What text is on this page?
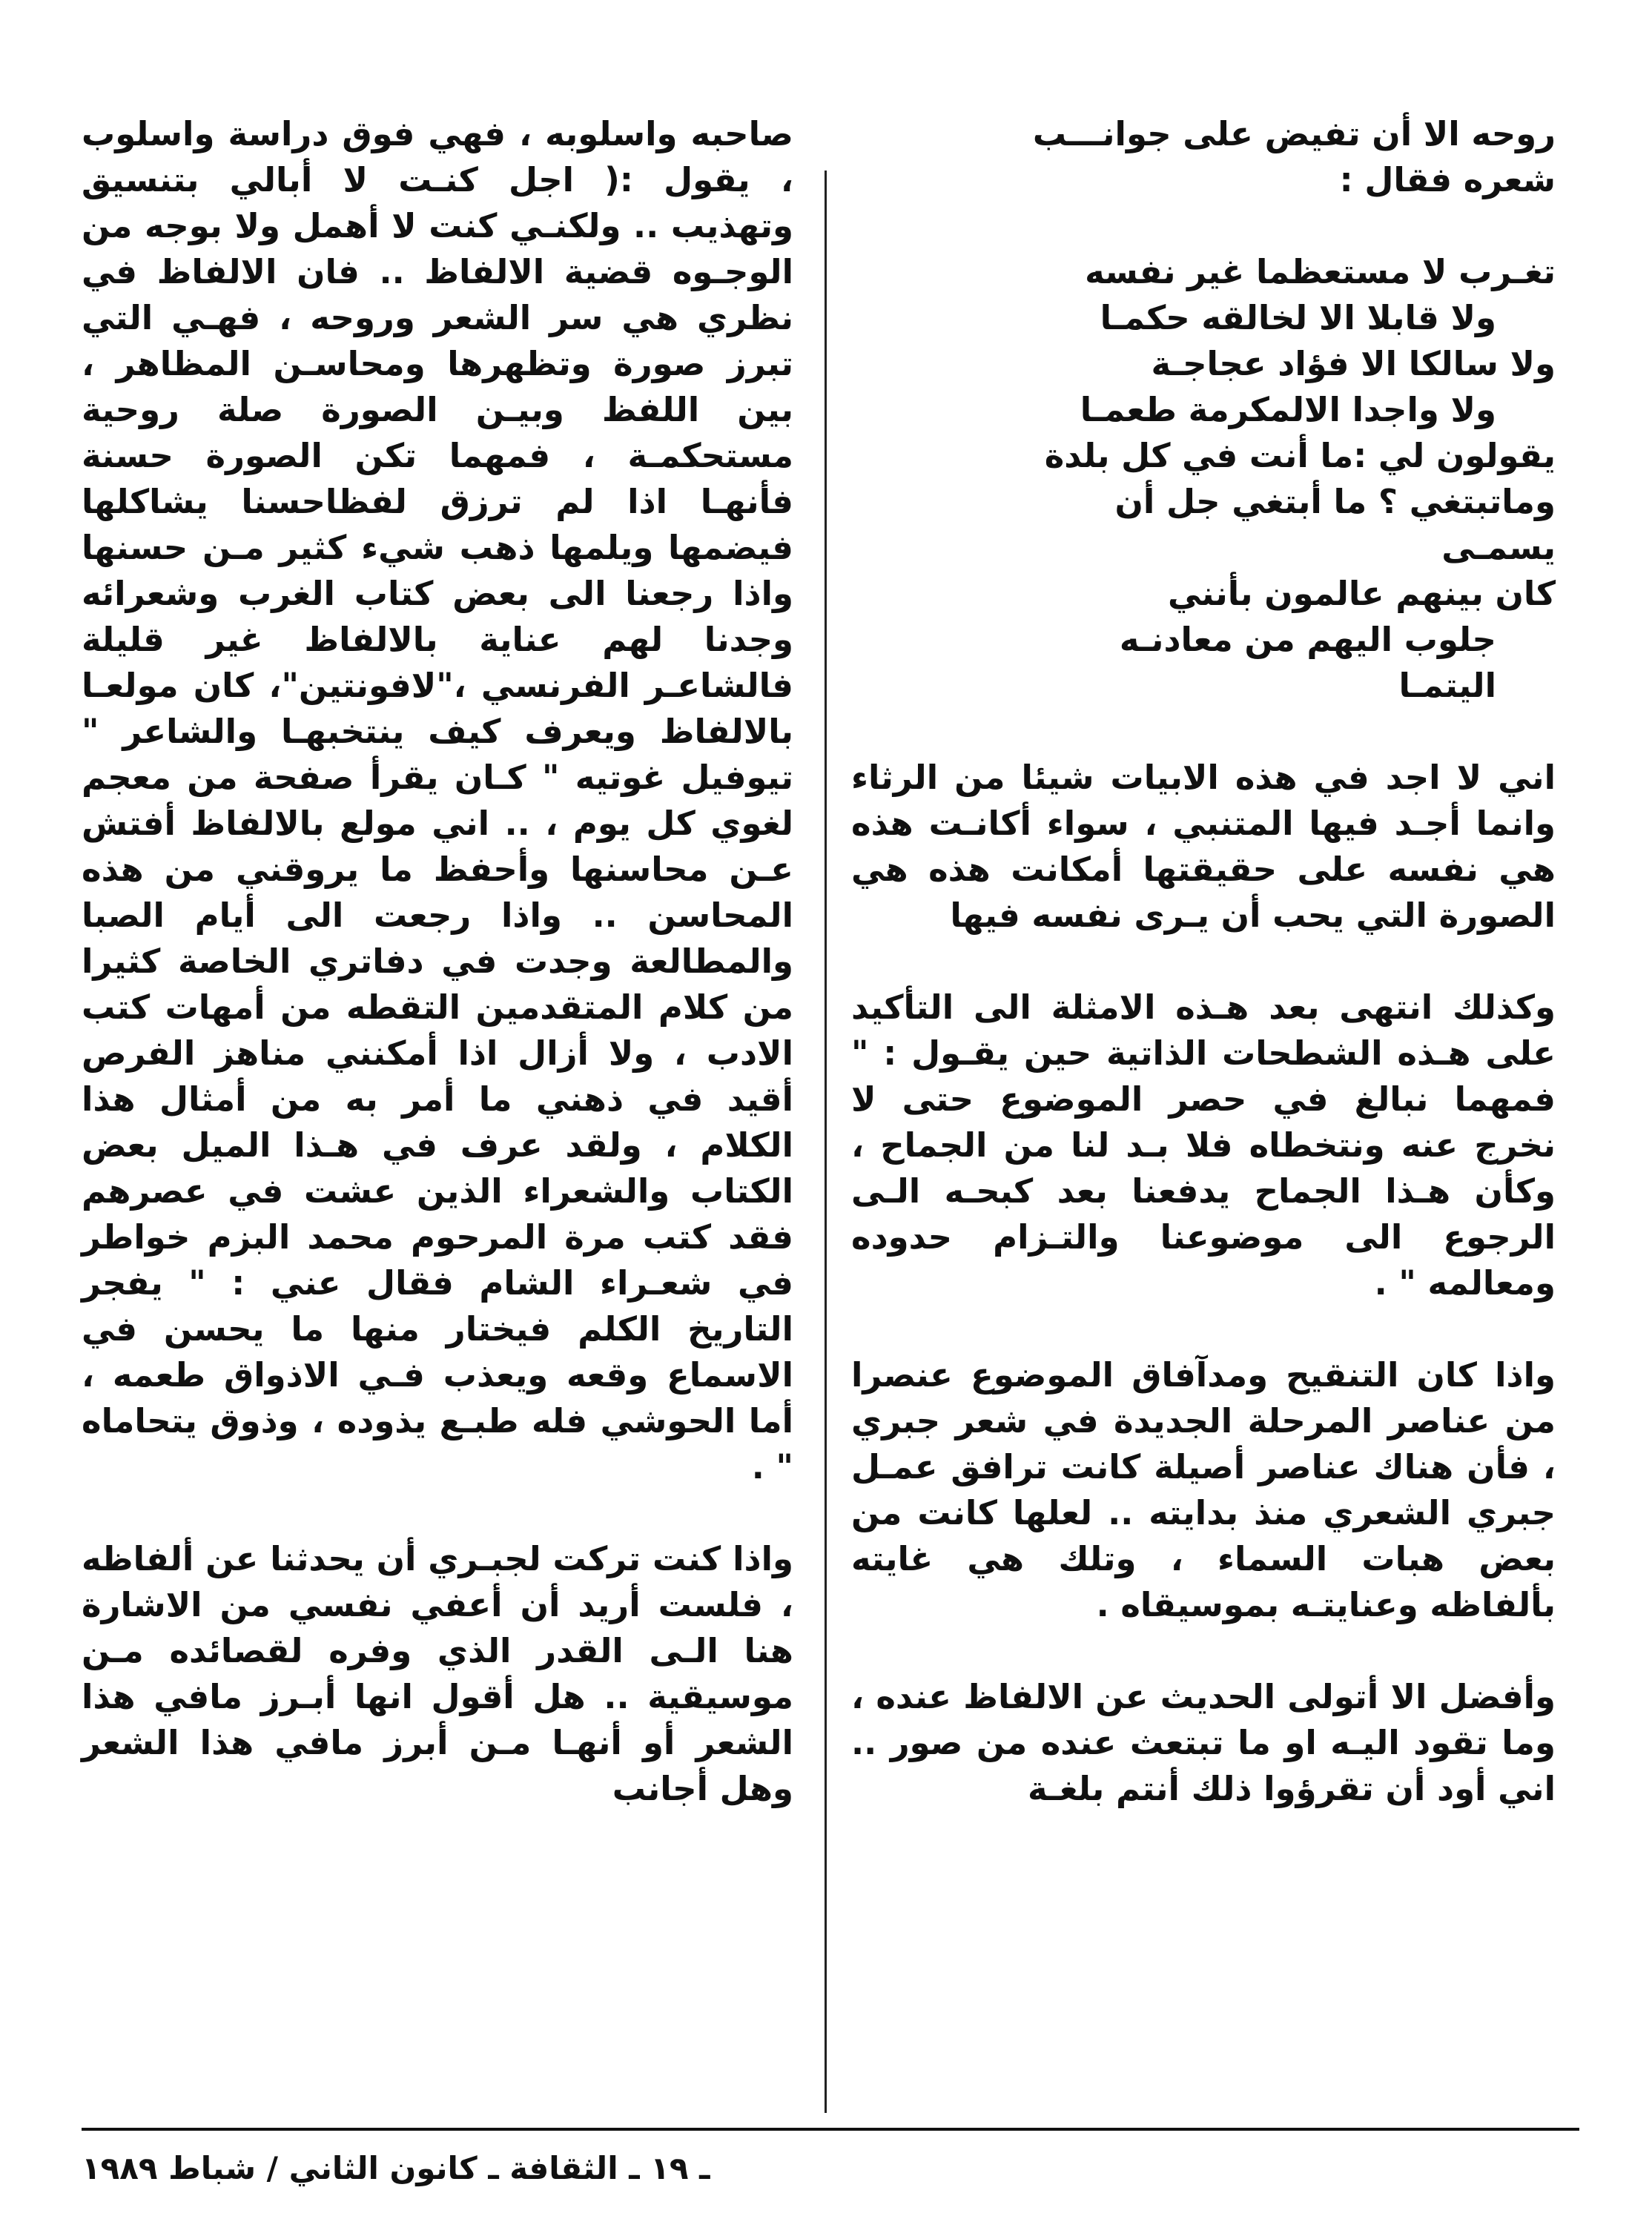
روحه الا أن تفيض على جوانـــب
شعره فقال :

تغـرب لا مستعظما غير نفسه
ولا قابلا الا لخالقه حكمـا
ولا سالكا الا فؤاد عجاجـة
ولا واجدا الالمكرمة طعمـا
يقولون لي :ما أنت في كل بلدة
وماتبتغي ؟ ما أبتغي جل أن
يسمـى
كان بينهم عالمون بأنني
جلوب اليهم من معادنـه
اليتمـا

اني لا اجد في هذه الابيات شيئا من الرثاء وانما أجـد فيها المتنبي ، سواء أكانـت هذه هي نفسه على حقيقتها أمكانت هذه هي الصورة التي يحب أن يـرى نفسه فيها

وكذلك انتهى بعد هـذه الامثلة الى التأكيد على هـذه الشطحات الذاتية حين يقـول : " فمهما نبالغ في حصر الموضوع حتى لا نخرج عنه ونتخطاه فلا بـد لنا من الجماح ، وكأن هـذا الجماح يدفعنا بعد كبحـه الـى الرجوع الى موضوعنا والتـزام حدوده ومعالمه " .

واذا كان التنقيح ومدآفاق الموضوع عنصرا من عناصر المرحلة الجديدة في شعر جبري ، فأن هناك عناصر أصيلة كانت ترافق عمـل جبري الشعري منذ بدايته .. لعلها كانت من بعض هبات السماء ، وتلك هي غايته بألفاظه وعنايتـه بموسيقاه .

وأفضل الا أتولى الحديث عن الالفاظ عنده ، وما تقود اليـه او ما تبتعث عنده من صور .. اني أود أن تقرؤوا ذلك أنتم بلغـة

صاحبه واسلوبه ، فهي فوق دراسة واسلوب ، يقول :( اجل كنـت لا أبالي بتنسيق وتهذيب .. ولكنـي كنت لا أهمل ولا بوجه من الوجـوه قضية الالفاظ .. فان الالفاظ في نظري هي سر الشعر وروحه ، فهـي التي تبرز صورة وتظهرها ومحاسـن المظاهر ، بين اللفظ وبيـن الصورة صلة روحية مستحكمـة ، فمهما تكن الصورة حسنة فأنهـا اذا لم ترزق لفظاحسنا يشاكلها فيضمها ويلمها ذهب شيء كثير مـن حسنها واذا رجعنا الى بعض كتاب الغرب وشعرائه وجدنا لهم عناية بالالفاظ غير قليلة فالشاعـر الفرنسي ،"لافونتين"، كان مولعـا بالالفاظ ويعرف كيف ينتخبهـا والشاعر " تيوفيل غوتيه " كـان يقرأ صفحة من معجم لغوي كل يوم ، .. اني مولع بالالفاظ أفتش عـن محاسنها وأحفظ ما يروقني من هذه المحاسن .. واذا رجعت الى أيام الصبا والمطالعة وجدت في دفاتري الخاصة كثيرا من كلام المتقدمين التقطه من أمهات كتب الادب ، ولا أزال اذا أمكنني مناهز الفرص أقيد في ذهني ما أمر به من أمثال هذا الكلام ، ولقد عرف في هـذا الميل بعض الكتاب والشعراء الذين عشت في عصرهم فقد كتب مرة المرحوم محمد البزم خواطر في شعـراء الشام فقال عني : " يفجر التاريخ الكلم فيختار منها ما يحسن في الاسماع وقعه ويعذب فـي الاذواق طعمه ، أما الحوشي فله طبـع يذوده ، وذوق يتحاماه " .

واذا كنت تركت لجبـري أن يحدثنا عن ألفاظه ، فلست أريد أن أعفي نفسي من الاشارة هنا الـى القدر الذي وفره لقصائده مـن موسيقية .. هل أقول انها أبـرز مافي هذا الشعر أو أنهـا مـن أبرز مافي هذا الشعر وهل أجانب

ـ ١٩ ـ الثقافة ـ كانون الثاني / شباط ١٩٨٩
